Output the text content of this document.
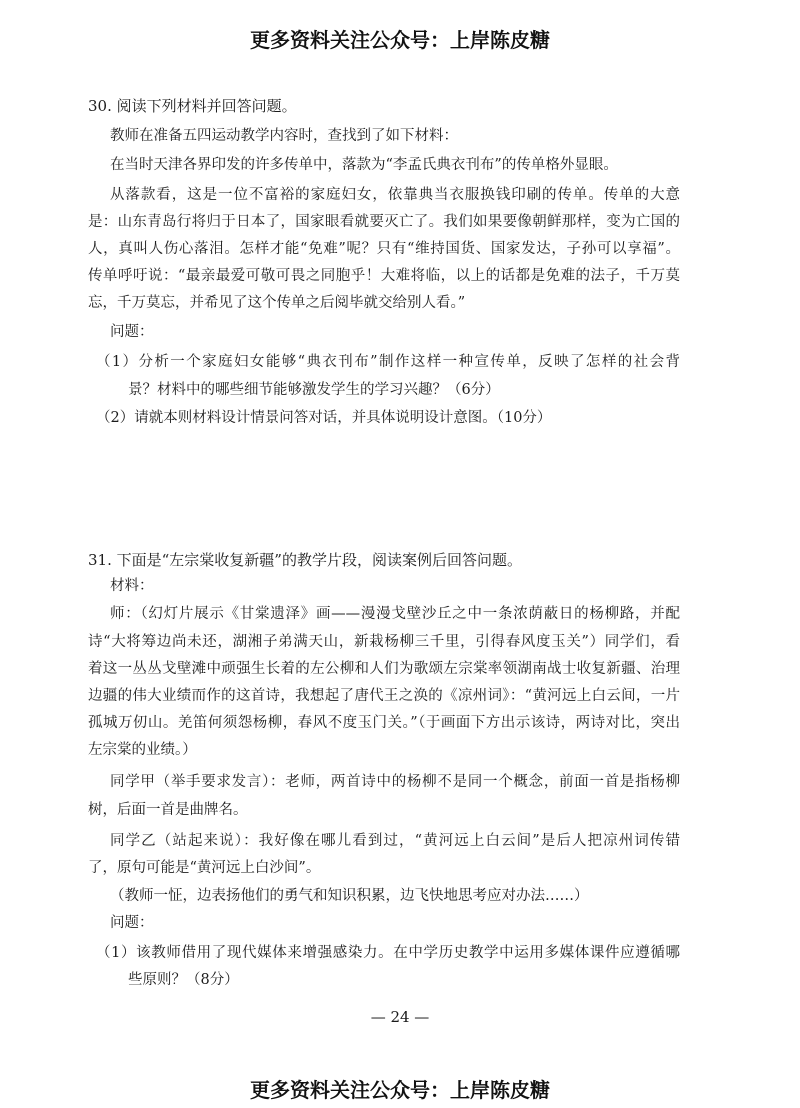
更多资料关注公众号：上岸陈皮糖
30. 阅读下列材料并回答问题。
教师在准备五四运动教学内容时，查找到了如下材料：
在当时天津各界印发的许多传单中，落款为“李孟氏典衣刊布”的传单格外显眼。
从落款看，这是一位不富裕的家庭妇女，依靠典当衣服换钱印刷的传单。传单的大意
是：山东青岛行将归于日本了，国家眼看就要灭亡了。我们如果要像朝鲜那样，变为亡国的
人，真叫人伤心落泪。怎样才能“免难”呢？只有“维持国货、国家发达，子孙可以享福”。
传单呼吁说：“最亲最爱可敬可畏之同胞乎！大难将临，以上的话都是免难的法子，千万莫
忘，千万莫忘，并希见了这个传单之后阅毕就交给别人看。”
问题：
（1）分析一个家庭妇女能够“典衣刊布”制作这样一种宣传单，反映了怎样的社会背
景？材料中的哪些细节能够激发学生的学习兴趣？（6分）
（2）请就本则材料设计情景问答对话，并具体说明设计意图。（10分）
31. 下面是“左宗棠收复新疆”的教学片段，阅读案例后回答问题。
材料：
师：（幻灯片展示《甘棠遗泽》画——漫漫戈壁沙丘之中一条浓荫蔽日的杨柳路，并配
诗“大将筹边尚未还，湖湘子弟满天山，新栽杨柳三千里，引得春风度玉关”）同学们，看
着这一丛丛戈壁滩中顽强生长着的左公柳和人们为歌颂左宗棠率领湖南战士收复新疆、治理
边疆的伟大业绩而作的这首诗，我想起了唐代王之涣的《凉州词》：“黄河远上白云间，一片
孤城万仞山。羌笛何须怨杨柳，春风不度玉门关。”（于画面下方出示该诗，两诗对比，突出
左宗棠的业绩。）
同学甲（举手要求发言）：老师，两首诗中的杨柳不是同一个概念，前面一首是指杨柳
树，后面一首是曲牌名。
同学乙（站起来说）：我好像在哪儿看到过，“黄河远上白云间”是后人把凉州词传错
了，原句可能是“黄河远上白沙间”。
（教师一怔，边表扬他们的勇气和知识积累，边飞快地思考应对办法……）
问题：
（1）该教师借用了现代媒体来增强感染力。在中学历史教学中运用多媒体课件应遵循哪
些原则？（8分）
— 24 —
更多资料关注公众号：上岸陈皮糖
